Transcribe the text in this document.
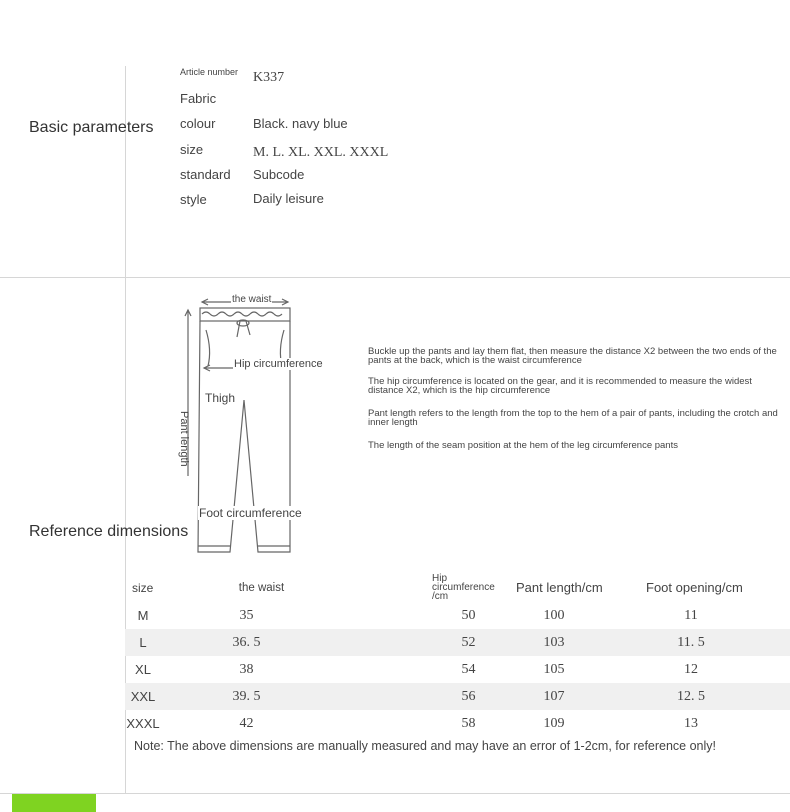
Basic parameters
Article number K337
Fabric
colour	Black. navy blue
size	M. L. XL. XXL. XXXL
standard Subcode
style	Daily leisure
the waist
Hip circumference
Thigh
Pant length
Foot circumference
Reference dimensions
Buckle up the pants and lay them flat, then measure the distance X2 between the two ends of the pants at the back, which is the waist circumference
The hip circumference is located on the gear, and it is recommended to measure the widest distance X2, which is the hip circumference
Pant length refers to the length from the top to the hem of a pair of pants, including the crotch and inner length
The length of the seam position at the hem of the leg circumference pants
size	the waist	Hip circumference /cm	Pant length/cm	Foot opening/cm
M	35	50	100	11
L	36. 5	52	103	11. 5
XL	38	54	105	12
XXL	39. 5	56	107	12. 5
XXXL	42	58	109	13
Note: The above dimensions are manually measured and may have an error of 1-2cm, for reference only!
